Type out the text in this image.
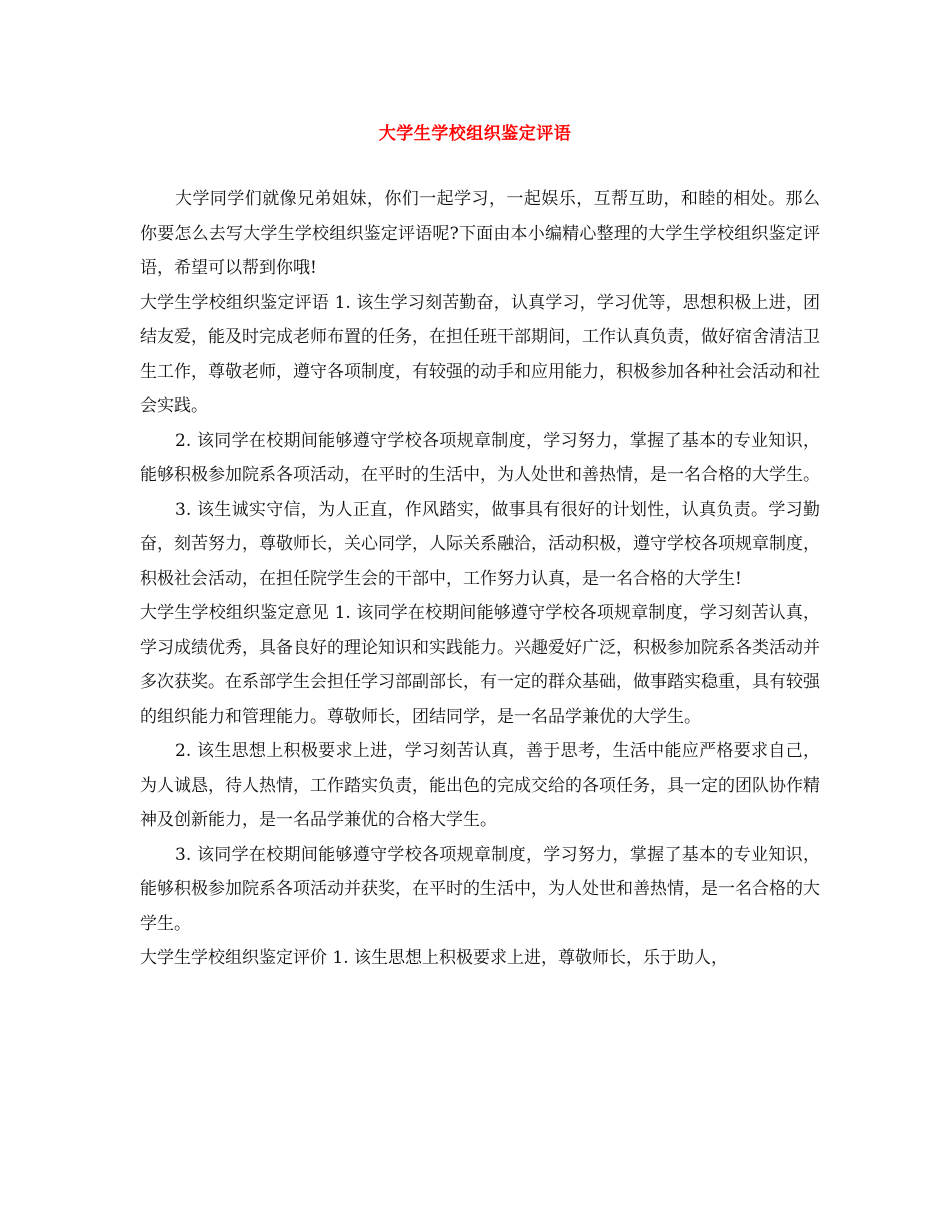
大学生学校组织鉴定评语

大学同学们就像兄弟姐妹，你们一起学习，一起娱乐，互帮互助，和睦的相处。那么你要怎么去写大学生学校组织鉴定评语呢?下面由本小编精心整理的大学生学校组织鉴定评语，希望可以帮到你哦!

大学生学校组织鉴定评语 1. 该生学习刻苦勤奋，认真学习，学习优等，思想积极上进，团结友爱，能及时完成老师布置的任务，在担任班干部期间，工作认真负责，做好宿舍清洁卫生工作，尊敬老师，遵守各项制度，有较强的动手和应用能力，积极参加各种社会活动和社会实践。

2. 该同学在校期间能够遵守学校各项规章制度，学习努力，掌握了基本的专业知识，能够积极参加院系各项活动，在平时的生活中，为人处世和善热情，是一名合格的大学生。

3. 该生诚实守信，为人正直，作风踏实，做事具有很好的计划性，认真负责。学习勤奋，刻苦努力，尊敬师长，关心同学，人际关系融洽，活动积极，遵守学校各项规章制度，积极社会活动，在担任院学生会的干部中，工作努力认真，是一名合格的大学生!

大学生学校组织鉴定意见 1. 该同学在校期间能够遵守学校各项规章制度，学习刻苦认真，学习成绩优秀，具备良好的理论知识和实践能力。兴趣爱好广泛，积极参加院系各类活动并多次获奖。在系部学生会担任学习部副部长，有一定的群众基础，做事踏实稳重，具有较强的组织能力和管理能力。尊敬师长，团结同学，是一名品学兼优的大学生。

2. 该生思想上积极要求上进，学习刻苦认真，善于思考，生活中能应严格要求自己，为人诚恳，待人热情，工作踏实负责，能出色的完成交给的各项任务，具一定的团队协作精神及创新能力，是一名品学兼优的合格大学生。

3. 该同学在校期间能够遵守学校各项规章制度，学习努力，掌握了基本的专业知识，能够积极参加院系各项活动并获奖，在平时的生活中，为人处世和善热情，是一名合格的大学生。

大学生学校组织鉴定评价 1. 该生思想上积极要求上进，尊敬师长，乐于助人，
